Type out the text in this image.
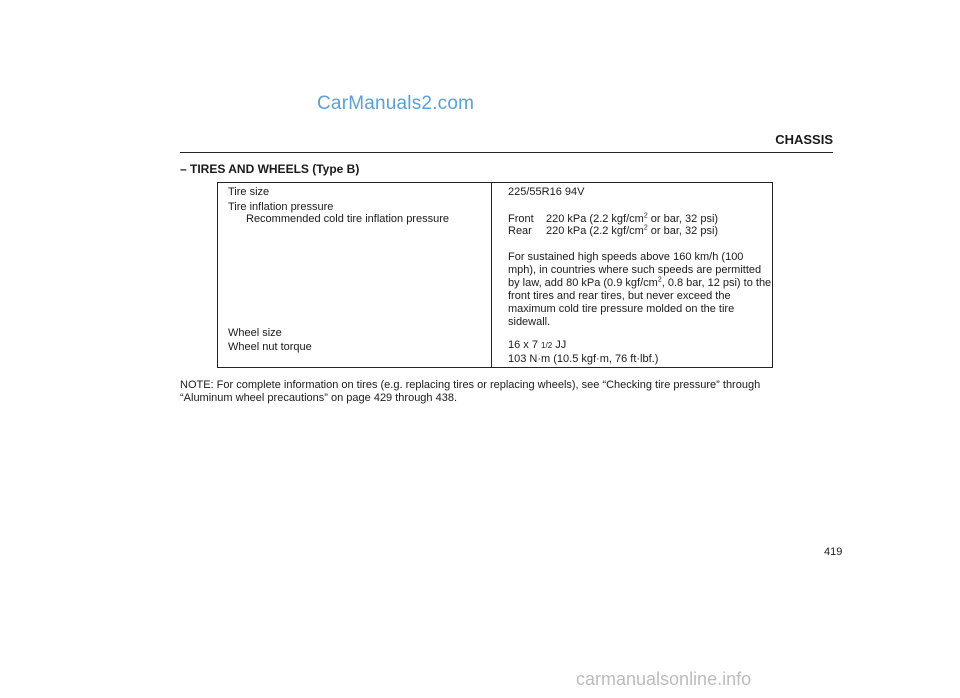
CarManuals2.com
CHASSIS
– TIRES AND WHEELS (Type B)
Tire size
Tire inflation pressure
Recommended cold tire inflation pressure
Wheel size
Wheel nut torque
225/55R16 94V
Front 220 kPa (2.2 kgf/$cm^2$ or bar, 32 psi)
Rear 220 kPa (2.2 kgf/$cm^2$ or bar, 32 psi)
For sustained high speeds above 160 km/h (100
mph), in countries where such speeds are permitted
by law, add 80 kPa (0.9 kgf/$cm^2$, 0.8 bar, 12 psi) to the
front tires and rear tires, but never exceed the
maximum cold tire pressure molded on the tire
sidewall.
16 x 7 1/2 JJ
103 N·m (10.5 kgf·m, 76 ft·lbf.)
NOTE: For complete information on tires (e.g. replacing tires or replacing wheels), see “Checking tire pressure” through
“Aluminum wheel precautions” on page 429 through 438.
419
carmanualsonline.info
